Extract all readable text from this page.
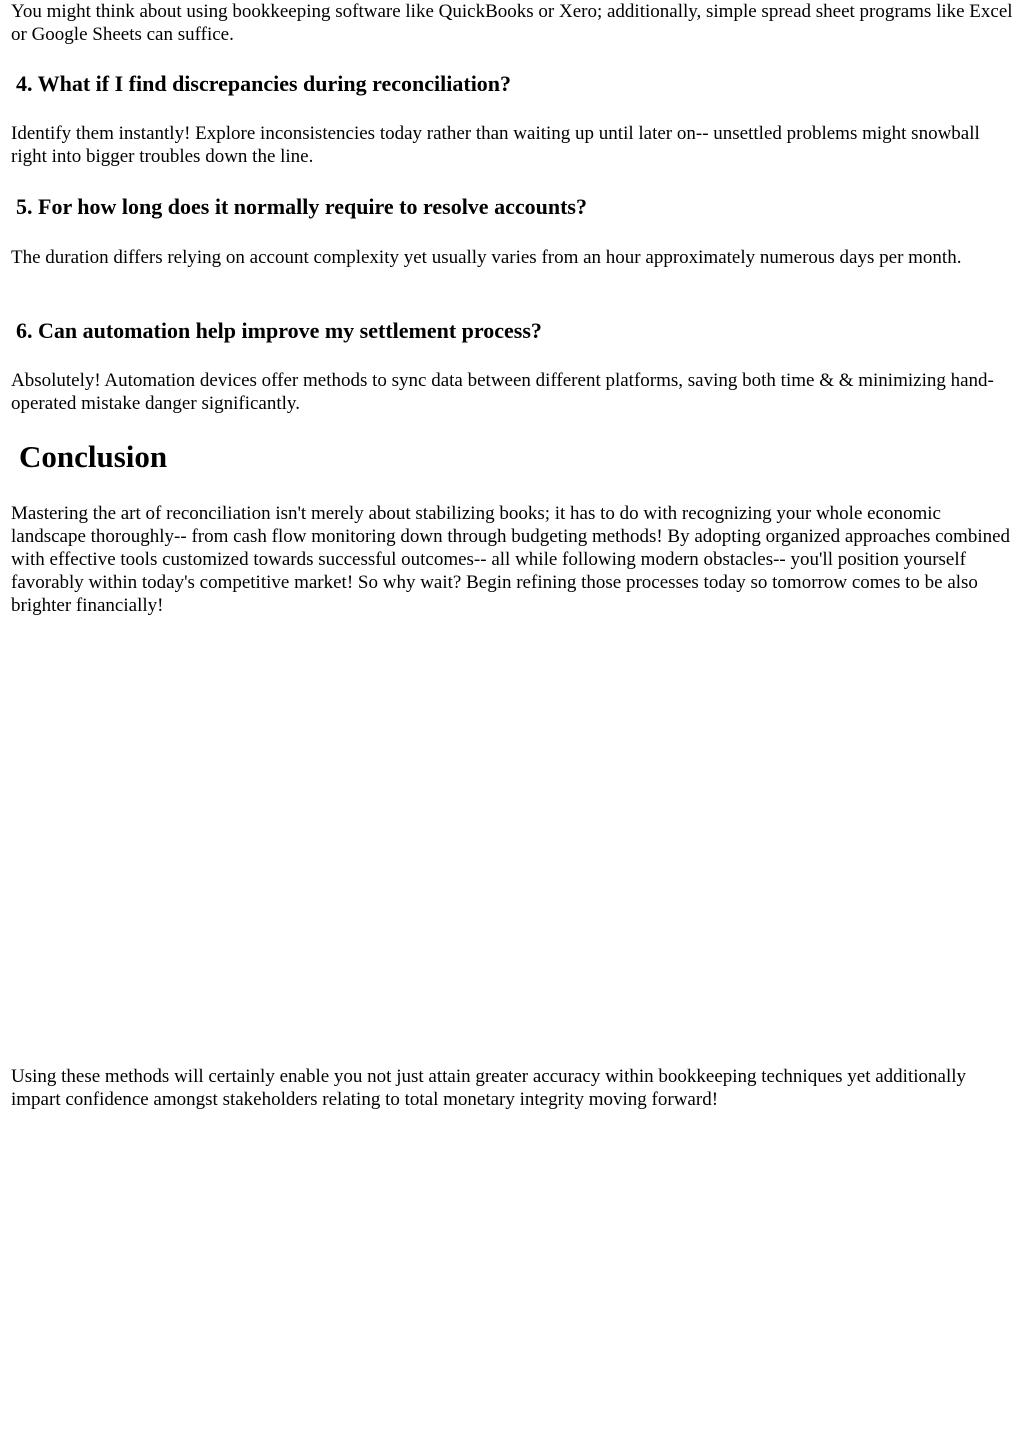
You might think about using bookkeeping software like QuickBooks or Xero; additionally, simple spread sheet programs like Excel or Google Sheets can suffice.

4. What if I find discrepancies during reconciliation?

Identify them instantly! Explore inconsistencies today rather than waiting up until later on-- unsettled problems might snowball right into bigger troubles down the line.

5. For how long does it normally require to resolve accounts?

The duration differs relying on account complexity yet usually varies from an hour approximately numerous days per month.

6. Can automation help improve my settlement process?

Absolutely! Automation devices offer methods to sync data between different platforms, saving both time & & minimizing hand-operated mistake danger significantly.

Conclusion

Mastering the art of reconciliation isn't merely about stabilizing books; it has to do with recognizing your whole economic landscape thoroughly-- from cash flow monitoring down through budgeting methods! By adopting organized approaches combined with effective tools customized towards successful outcomes-- all while following modern obstacles-- you'll position yourself favorably within today's competitive market! So why wait? Begin refining those processes today so tomorrow comes to be also brighter financially!

Using these methods will certainly enable you not just attain greater accuracy within bookkeeping techniques yet additionally impart confidence amongst stakeholders relating to total monetary integrity moving forward!
